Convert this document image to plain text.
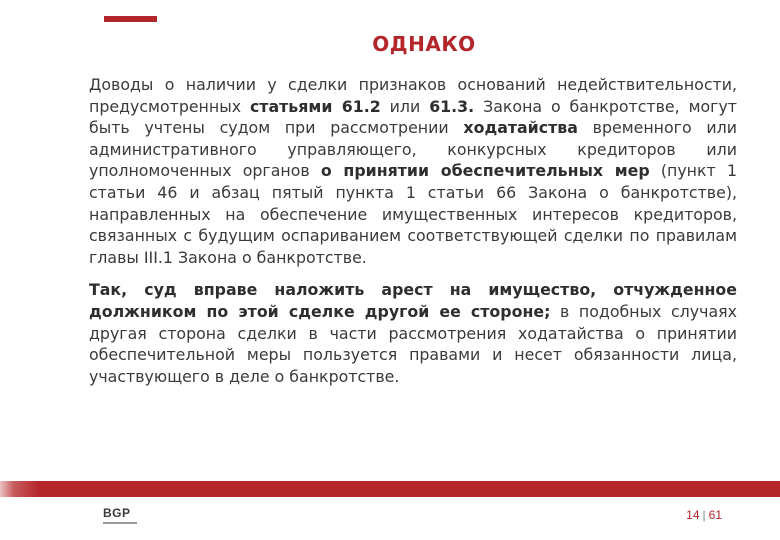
ОДНАКО

Доводы о наличии у сделки признаков оснований недействительности, предусмотренных статьями 61.2 или 61.3. Закона о банкротстве, могут быть учтены судом при рассмотрении ходатайства временного или административного управляющего, конкурсных кредиторов или уполномоченных органов о принятии обеспечительных мер (пункт 1 статьи 46 и абзац пятый пункта 1 статьи 66 Закона о банкротстве), направленных на обеспечение имущественных интересов кредиторов, связанных с будущим оспариванием соответствующей сделки по правилам главы III.1 Закона о банкротстве.

Так, суд вправе наложить арест на имущество, отчужденное должником по этой сделке другой ее стороне; в подобных случаях другая сторона сделки в части рассмотрения ходатайства о принятии обеспечительной меры пользуется правами и несет обязанности лица, участвующего в деле о банкротстве.

BGP	14 | 61
